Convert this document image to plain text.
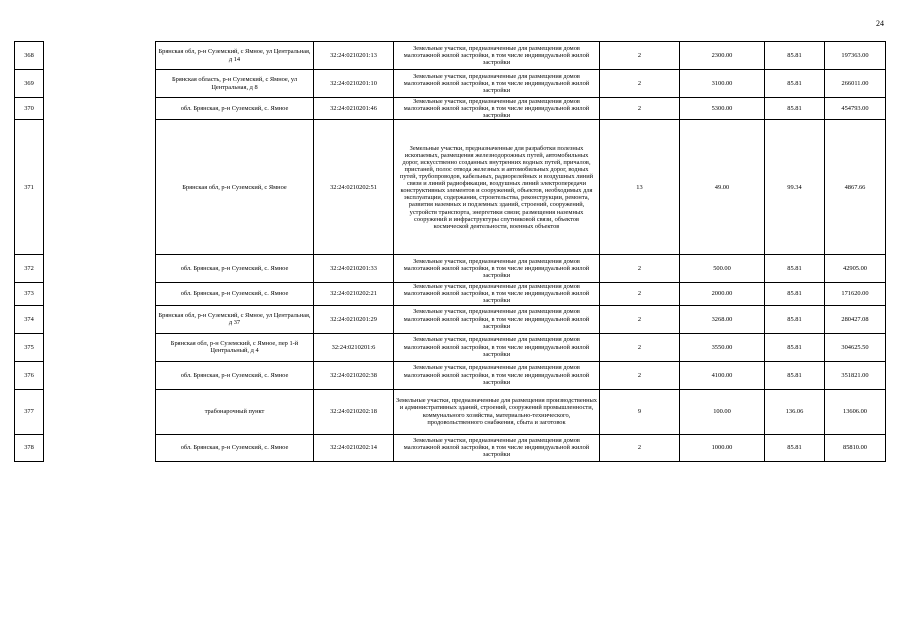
24
368		Брянская обл, р-н Суземский, с Ямное, ул Центральная, д 14	32:24:0210201:13	Земельные участки, предназначенные для размещения домов малоэтажной жилой застройки, в том числе индивидуальной жилой застройки	2	2300.00	85.81	197363.00
369		Брянская область, р-н Суземский, с Ямное, ул Центральная, д 8	32:24:0210201:10	Земельные участки, предназначенные для размещения домов малоэтажной жилой застройки, в том числе индивидуальной жилой застройки	2	3100.00	85.81	266011.00
370		обл. Брянская, р-н Суземский, с. Ямное	32:24:0210201:46	Земельные участки, предназначенные для размещения домов малоэтажной жилой застройки, в том числе индивидуальной жилой застройки	2	5300.00	85.81	454793.00
371		Брянская обл, р-н Суземский, с Ямное	32:24:0210202:51	Земельные участки, предназначенные для разработки полезных ископаемых, размещения железнодорожных путей, автомобильных дорог, искусственно созданных внутренних водных путей, причалов, пристаней, полос отвода железных и автомобильных дорог, водных путей, трубопроводов, кабельных, радиорелейных и воздушных линий связи и линий радиофикации, воздушных линий электропередачи конструктивных элементов и сооружений, объектов, необходимых для эксплуатации, содержания, строительства, реконструкции, ремонта, развития наземных и подземных зданий, строений, сооружений, устройств транспорта, энергетики связи; размещения наземных сооружений и инфраструктуры спутниковой связи, объектов космической деятельности, военных объектов	13	49.00	99.34	4867.66
372		обл. Брянская, р-н Суземский, с. Ямное	32:24:0210201:33	Земельные участки, предназначенные для размещения домов малоэтажной жилой застройки, в том числе индивидуальной жилой застройки	2	500.00	85.81	42905.00
373		обл. Брянская, р-н Суземский, с. Ямное	32:24:0210202:21	Земельные участки, предназначенные для размещения домов малоэтажной жилой застройки, в том числе индивидуальной жилой застройки	2	2000.00	85.81	171620.00
374		Брянская обл, р-н Суземский, с Ямное, ул Центральная, д 37	32:24:0210201:29	Земельные участки, предназначенные для размещения домов малоэтажной жилой застройки, в том числе индивидуальной жилой застройки	2	3268.00	85.81	280427.08
375		Брянская обл, р-н Суземский, с Ямное, пер 1-й Центральный, д 4	32:24:0210201:6	Земельные участки, предназначенные для размещения домов малоэтажной жилой застройки, в том числе индивидуальной жилой застройки	2	3550.00	85.81	304625.50
376		обл. Брянская, р-н Суземский, с. Ямное	32:24:0210202:38	Земельные участки, предназначенные для размещения домов малоэтажной жилой застройки, в том числе индивидуальной жилой застройки	2	4100.00	85.81	351821.00
377		трабонарочный пункт	32:24:0210202:18	Земельные участки, предназначенные для размещения производственных и административных зданий, строений, сооружений промышленности, коммунального хозяйства, материально-технического, продовольственного снабжения, сбыта и заготовок	9	100.00	136.06	13606.00
378		обл. Брянская, р-н Суземский, с. Ямное	32:24:0210202:14	Земельные участки, предназначенные для размещения домов малоэтажной жилой застройки, в том числе индивидуальной жилой застройки	2	1000.00	85.81	85810.00
